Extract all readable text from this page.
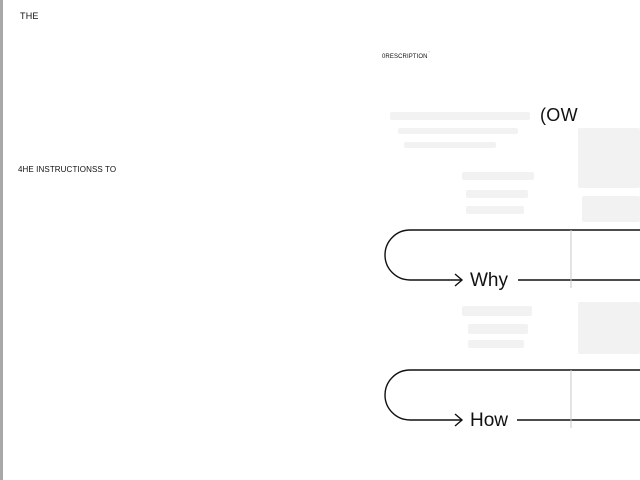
THE
$0RESCRIPTION^ʼ$
(OW
4HE INSTRUCTIONSS TO
Why
How
